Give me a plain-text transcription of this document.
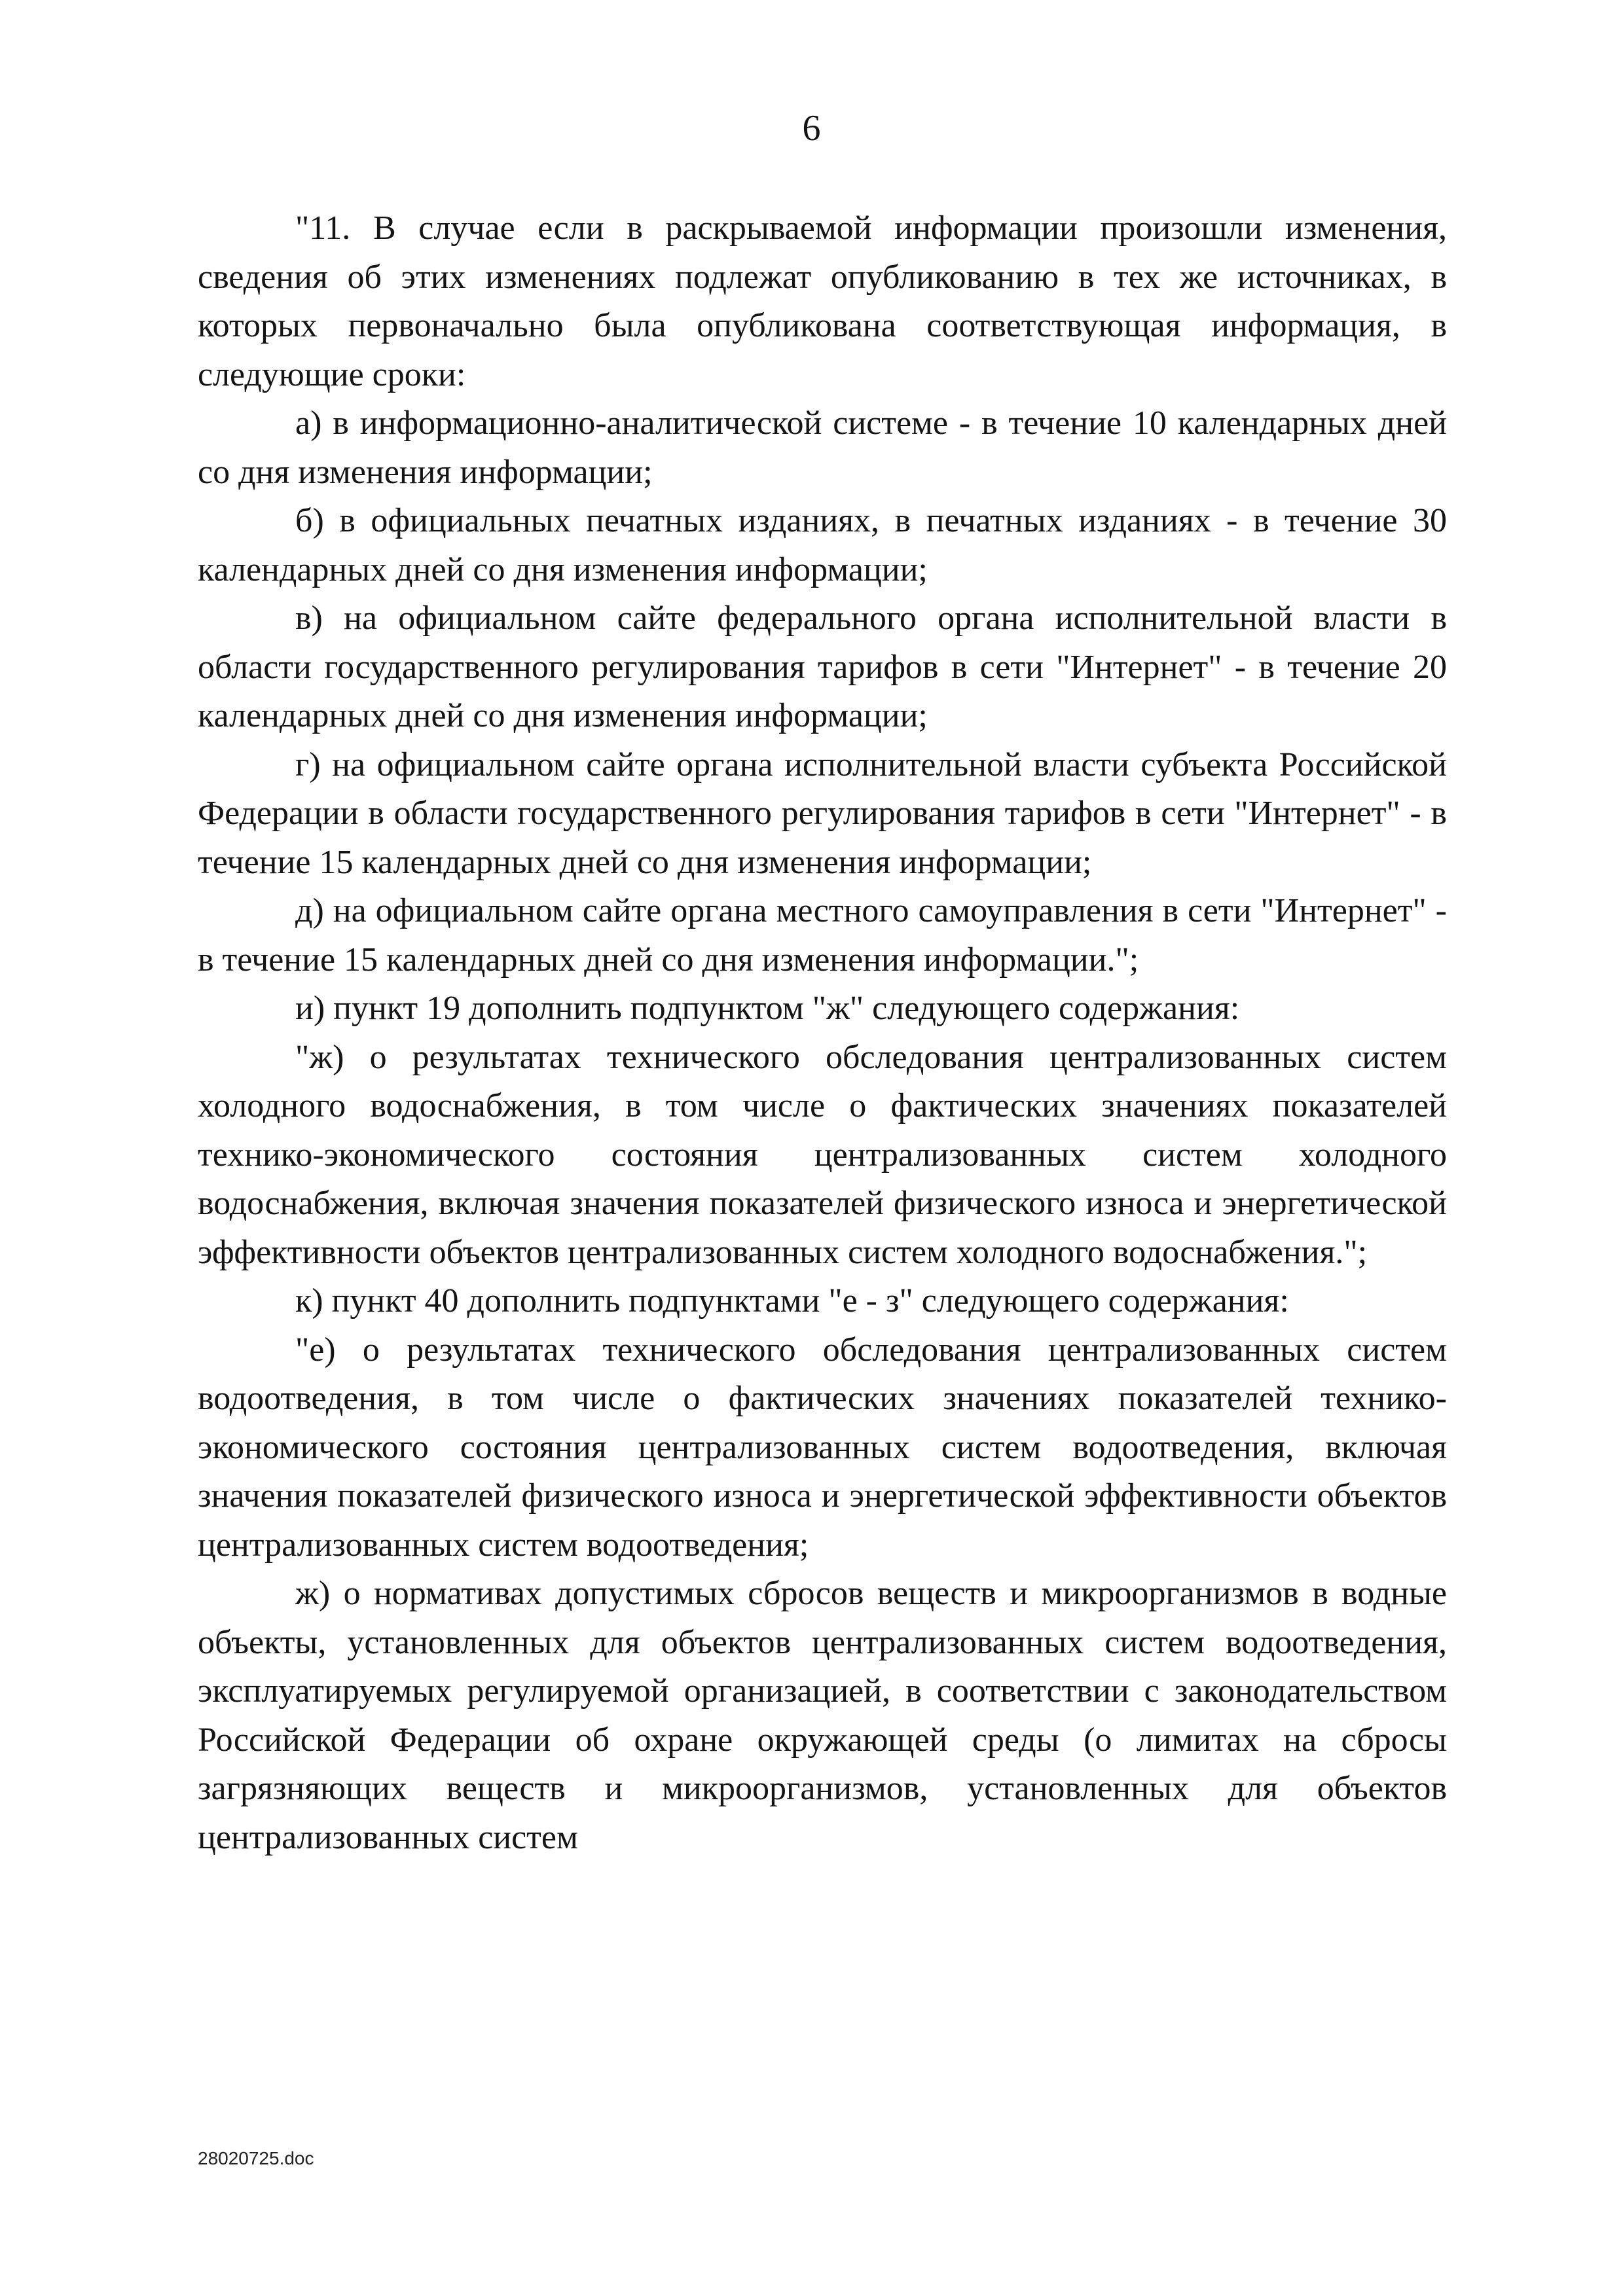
6

"11. В случае если в раскрываемой информации произошли изменения, сведения об этих изменениях подлежат опубликованию в тех же источниках, в которых первоначально была опубликована соответствующая информация, в следующие сроки:

а) в информационно-аналитической системе - в течение 10 календарных дней со дня изменения информации;

б) в официальных печатных изданиях, в печатных изданиях - в течение 30 календарных дней со дня изменения информации;

в) на официальном сайте федерального органа исполнительной власти в области государственного регулирования тарифов в сети "Интернет" - в течение 20 календарных дней со дня изменения информации;

г) на официальном сайте органа исполнительной власти субъекта Российской Федерации в области государственного регулирования тарифов в сети "Интернет" - в течение 15 календарных дней со дня изменения информации;

д) на официальном сайте органа местного самоуправления в сети "Интернет" - в течение 15 календарных дней со дня изменения информации.";

и) пункт 19 дополнить подпунктом "ж" следующего содержания:

"ж) о результатах технического обследования централизованных систем холодного водоснабжения, в том числе о фактических значениях показателей технико-экономического состояния централизованных систем холодного водоснабжения, включая значения показателей физического износа и энергетической эффективности объектов централизованных систем холодного водоснабжения.";

к) пункт 40 дополнить подпунктами "е - з" следующего содержания:

"е) о результатах технического обследования централизованных систем водоотведения, в том числе о фактических значениях показателей технико-экономического состояния централизованных систем водоотведения, включая значения показателей физического износа и энергетической эффективности объектов централизованных систем водоотведения;

ж) о нормативах допустимых сбросов веществ и микроорганизмов в водные объекты, установленных для объектов централизованных систем водоотведения, эксплуатируемых регулируемой организацией, в соответствии с законодательством Российской Федерации об охране окружающей среды (о лимитах на сбросы загрязняющих веществ и микроорганизмов, установленных для объектов централизованных систем

28020725.doc
